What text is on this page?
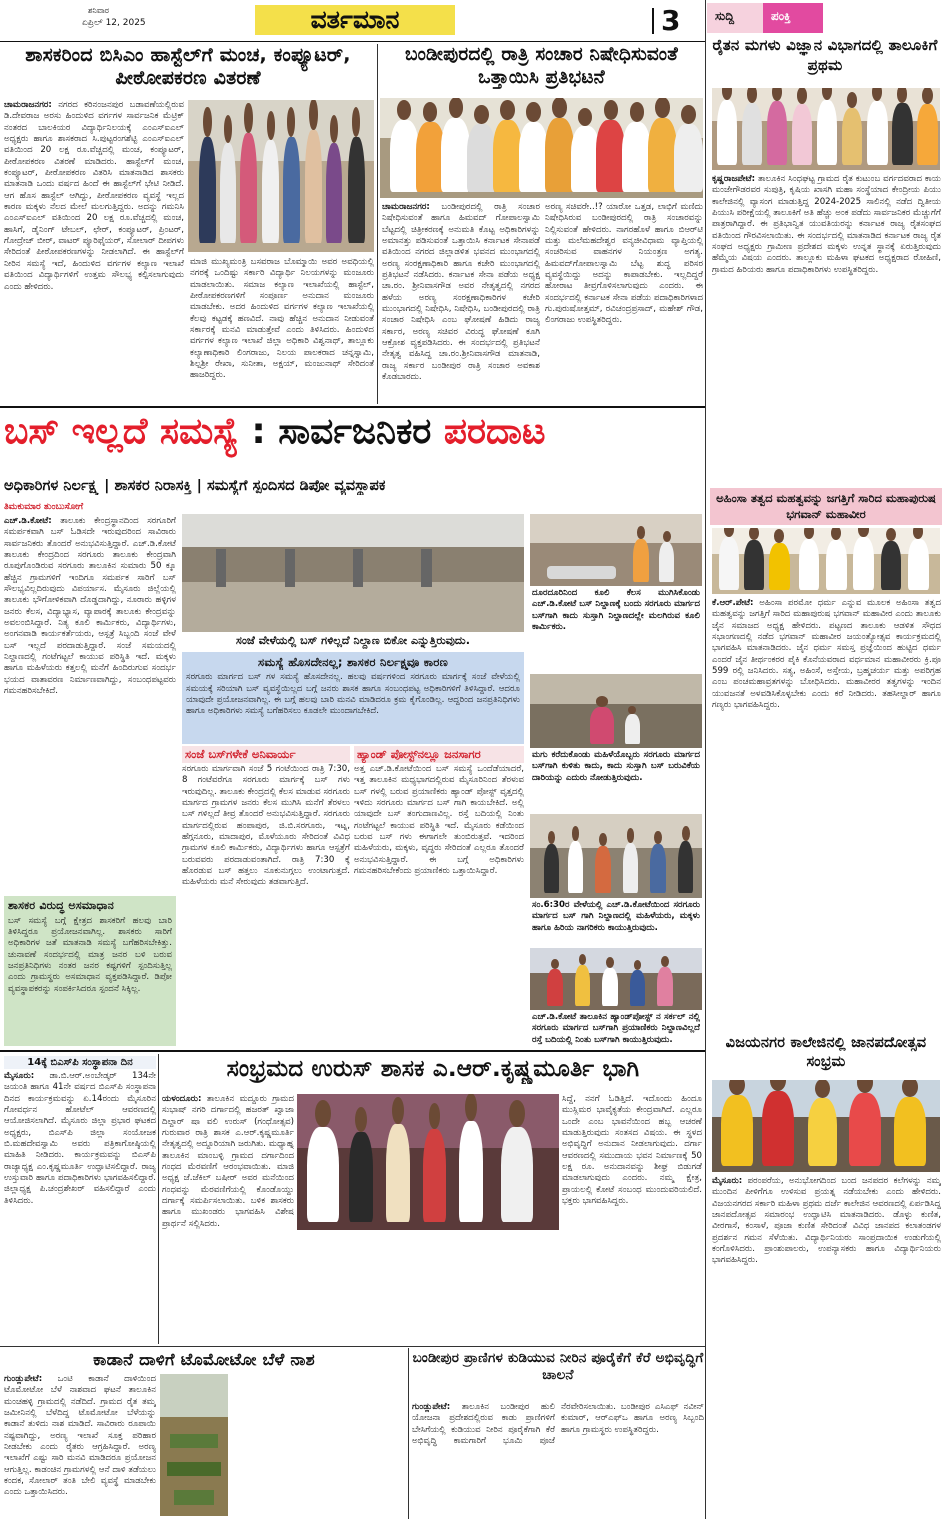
ಶನಿವಾರ
ಏಪ್ರಿಲ್ 12, 2025	ವರ್ತಮಾನ	3	ಸುದ್ದಿ	ಪಂಕ್ತಿ
ಶಾಸಕರಿಂದ ಬಿಸಿಎಂ ಹಾಸ್ಟೆಲ್‌ಗೆ ಮಂಚ, ಕಂಪ್ಯೂಟರ್, ಪೀಠೋಪಕರಣ ವಿತರಣೆ
ಚಾಮರಾಜನಗರ: ನಗರದ ಕರಿನಂಜನಪುರ ಬಡಾವಣೆಯಲ್ಲಿರುವ ಡಿ.ದೇವರಾಜ ಅರಸು ಹಿಂದುಳಿದ ವರ್ಗಗಳ ಸಾರ್ವಜನಿಕ ಮೆಟ್ರಿಕ್ ನಂತರದ ಬಾಲಕಿಯರ ವಿದ್ಯಾರ್ಥಿನಿಲಯಕ್ಕೆ ಎಂಎಸ್ಐಎಲ್ ಅಧ್ಯಕ್ಷರು ಹಾಗೂ ಶಾಸಕರಾದ ಸಿ.ಪುಟ್ಟರಂಗಶೆಟ್ಟಿ ಎಂಎಸ್ಐಎಲ್ ವತಿಯಿಂದ 20 ಲಕ್ಷ ರೂ.ವೆಚ್ಚದಲ್ಲಿ ಮಂಚ, ಕಂಪ್ಯೂಟರ್, ಪೀಠೋಪಕರಣ ವಿತರಣೆ ಮಾಡಿದರು. ಹಾಸ್ಟೆಲ್‌ಗೆ ಮಂಚ, ಕಂಪ್ಯೂಟರ್, ಪೀಠೋಪಕರಣ ವಿತರಿಸಿ ಮಾತನಾಡಿದ ಶಾಸಕರು ಮಾತನಾಡಿ ಒಂದು ವರ್ಷದ ಹಿಂದೆ ಈ ಹಾಸ್ಟೆಲ್‌ಗೆ ಭೇಟಿ ನೀಡಿದೆ. ಆಗ ಹೊಸ ಹಾಸ್ಟೆಲ್ ಆಗಿದ್ದು, ಪೀಠೋಪಕರಣ ವ್ಯವಸ್ಥೆ ಇಲ್ಲದ ಕಾರಣ ಮಕ್ಕಳು ನೆಲದ ಮೇಲೆ ಮಲಗುತ್ತಿದ್ದರು. ಅದನ್ನು ಗಮನಿಸಿ ಎಂಎಸ್ಐಎಲ್ ವತಿಯಿಂದ 20 ಲಕ್ಷ ರೂ.ವೆಚ್ಚದಲ್ಲಿ ಮಂಚ, ಹಾಸಿಗೆ, ಡೈನಿಂಗ್ ಟೇಬಲ್, ಛೇರ್, ಕಂಪ್ಯೂಟರ್, ಪ್ರಿಂಟರ್, ಗೋದ್ರೇಜ್ ಬೀರ್, ವಾಟರ್ ಪ್ಯೂರಿಫೈಯರ್, ಸೋಲಾರ್ ದೀಪಗಳು ಸೇರಿದಂತೆ ಪೀಠೋಪಕರಣಗಳನ್ನು ನೀಡಲಾಗಿದೆ. ಈ ಹಾಸ್ಟೆಲ್‌ಗೆ ನೀರಿನ ಸಮಸ್ಯೆ ಇದೆ, ಹಿಂದುಳಿದ ವರ್ಗಗಳ ಕಲ್ಯಾಣ ಇಲಾಖೆ ವತಿಯಿಂದ ವಿದ್ಯಾರ್ಥಿಗಳಿಗೆ ಉತ್ತಮ ಸೌಲಭ್ಯ ಕಲ್ಪಿಸಲಾಗುವುದು ಎಂದು ಹೇಳಿದರು.
ಮಾಜಿ ಮುಖ್ಯಮಂತ್ರಿ ಬಸವರಾಜ ಬೊಮ್ಮಾಯಿ ಅವರ ಅವಧಿಯಲ್ಲಿ ನಗರಕ್ಕೆ ಒಂದಿಷ್ಟು ಸರ್ಕಾರಿ ವಿದ್ಯಾರ್ಥಿ ನಿಲಯಗಳನ್ನು ಮಂಜೂರು ಮಾಡಲಾಯಿತು. ಸಮಾಜ ಕಲ್ಯಾಣ ಇಲಾಖೆಯಲ್ಲಿ ಹಾಸ್ಟೆಲ್, ಪೀಠೋಪಕರಣಗಳಿಗೆ ಸಂಪೂರ್ಣ ಅನುದಾನ ಮಂಜೂರು ಮಾಡಬೇಕು. ಅದರ ಹಿಂದುಳಿದ ವರ್ಗಗಳ ಕಲ್ಯಾಣ ಇಲಾಖೆಯಲ್ಲಿ ಕೆಲವು ಕಟ್ಟಡಕ್ಕೆ ಹಣವಿದೆ. ನಾವು ಹೆಚ್ಚಿನ ಅನುದಾನ ನೀಡುವಂತೆ ಸರ್ಕಾರಕ್ಕೆ ಮನವಿ ಮಾಡುತ್ತೇವೆ ಎಂದು ತಿಳಿಸಿದರು. ಹಿಂದುಳಿದ ವರ್ಗಗಳ ಕಲ್ಯಾಣ ಇಲಾಖೆ ಜಿಲ್ಲಾ ಅಧಿಕಾರಿ ವಿಶ್ವನಾಥ್, ತಾಲ್ಲೂಕು ಕಲ್ಯಾಣಾಧಿಕಾರಿ ಲಿಂಗರಾಜು, ನಿಲಯ ಪಾಲಕರಾದ ಚನ್ನಸ್ವಾಮಿ, ಶಿಲ್ಪಶ್ರೀ ರೇಖಾ, ಸುನೀತಾ, ಅಕ್ಷಯ್, ಮಂಜುನಾಥ್ ಸೇರಿದಂತೆ ಹಾಜರಿದ್ದರು.
ಬಂಡೀಪುರದಲ್ಲಿ ರಾತ್ರಿ ಸಂಚಾರ ನಿಷೇಧಿಸುವಂತೆ ಒತ್ತಾಯಿಸಿ ಪ್ರತಿಭಟನೆ
ಚಾಮರಾಜನಗರ: ಬಂಡೀಪುರದಲ್ಲಿ ರಾತ್ರಿ ಸಂಚಾರ ನಿಷೇಧಿಸುವಂತೆ ಹಾಗೂ ಹಿಮವದ್ ಗೋಪಾಲಸ್ವಾಮಿ ಬೆಟ್ಟದಲ್ಲಿ ಚಿತ್ರೀಕರಣಕ್ಕೆ ಅನುಮತಿ ಕೊಟ್ಟ ಅಧಿಕಾರಿಗಳನ್ನು ಅಮಾನತ್ತು ಪಡಿಸುವಂತೆ ಒತ್ತಾಯಿಸಿ ಕರ್ನಾಟಕ ಸೇನಾಪಡೆ ವತಿಯಿಂದ ನಗರದ ಜಿಲ್ಲಾಡಳಿತ ಭವನದ ಮುಂಭಾಗದಲ್ಲಿ ಅರಣ್ಯ ಸಂರಕ್ಷಣಾಧಿಕಾರಿ ಹಾಗೂ ಕಚೇರಿ ಮುಂಭಾಗದಲ್ಲಿ ಪ್ರತಿಭಟನೆ ನಡೆಸಿದರು. ಕರ್ನಾಟಕ ಸೇನಾ ಪಡೆಯ ಅಧ್ಯಕ್ಷ ಚಾ.ರಂ. ಶ್ರೀನಿವಾಸಗೌಡ ಅವರ ನೇತೃತ್ವದಲ್ಲಿ ನಗರದ ಹಳೆಯ ಅರಣ್ಯ ಸಂರಕ್ಷಣಾಧಿಕಾರಿಗಳ ಕಚೇರಿ ಮುಂಭಾಗದಲ್ಲಿ ನಿಷೇಧಿಸಿ, ನಿಷೇಧಿಸಿ, ಬಂಡೀಪುರದಲ್ಲಿ ರಾತ್ರಿ ಸಂಚಾರ ನಿಷೇಧಿಸಿ ಎಂಬ ಘೋಷಣೆ ಹಿಡಿದು ರಾಜ್ಯ ಸರ್ಕಾರ, ಅರಣ್ಯ ಸಚಿವರ ವಿರುದ್ಧ ಘೋಷಣೆ ಕೂಗಿ ಆಕ್ರೋಶ ವ್ಯಕ್ತಪಡಿಸಿದರು. ಈ ಸಂದರ್ಭದಲ್ಲಿ ಪ್ರತಿಭಟನೆ ನೇತೃತ್ವ ವಹಿಸಿದ್ದ ಚಾ.ರಂ.ಶ್ರೀನಿವಾಸಗೌಡ ಮಾತನಾಡಿ, ರಾಜ್ಯ ಸರ್ಕಾರ ಬಂಡೀಪುರ ರಾತ್ರಿ ಸಂಚಾರ ಅವಕಾಶ ಕೊಡಬಾರದು.
ಅರಣ್ಯ ಸಚಿವರೇ..!? ಯಾರೋ ಒತ್ತಡ, ಲಾಭಿಗೆ ಮಣಿದು ನಿಷೇಧಿಸಿರುವ ಬಂಡೀಪುರದಲ್ಲಿ ರಾತ್ರಿ ಸಂಚಾರವನ್ನು ನಿಲ್ಲಿಸುವಂತೆ ಹೇಳಿದರು. ನಾಗರಹೊಳೆ ಹಾಗೂ ಬಿಆರ್‌ಟಿ ಮತ್ತು ಮಲೆಮಹದೇಶ್ವರ ವನ್ಯಜೀವಿಧಾಮ ವ್ಯಾಪ್ತಿಯಲ್ಲಿ ಸಂಚರಿಸುವ ವಾಹನಗಳ ನಿಯಂತ್ರಣ ಅಗತ್ಯ. ಹಿಮವದ್‌ಗೋಪಾಲಸ್ವಾಮಿ ಬೆಟ್ಟ ಶುದ್ಧ ಪರಿಸರ ವ್ಯವಸ್ಥೆಯಿದ್ದು ಅದನ್ನು ಕಾಪಾಡಬೇಕು. ಇಲ್ಲದಿದ್ದರೆ ಹೋರಾಟ ತೀವ್ರಗೊಳಿಸಲಾಗುವುದು ಎಂದರು. ಈ ಸಂದರ್ಭದಲ್ಲಿ ಕರ್ನಾಟಕ ಸೇನಾ ಪಡೆಯ ಪದಾಧಿಕಾರಿಗಳಾದ ಗು.ಪುರುಷೋತ್ತಮ್, ರವಿಚಂದ್ರಪ್ರಸಾದ್, ಮಹೇಶ್ ಗೌಡ, ಲಿಂಗರಾಜು ಉಪಸ್ಥಿತರಿದ್ದರು.
ರೈತನ ಮಗಳು ವಿಜ್ಞಾನ ವಿಭಾಗದಲ್ಲಿ ತಾಲೂಕಿಗೆ ಪ್ರಥಮ
ಕೃಷ್ಣರಾಜಪೇಟೆ: ತಾಲೂಕಿನ ಸಿಂಧಘಟ್ಟ ಗ್ರಾಮದ ರೈತ ಕುಟುಂಬ ವರ್ಗದವರಾದ ಕಾಯ ಮಂಜೇಗೌಡರವರ ಸುಪುತ್ರಿ, ಕೃಷಿಯ ಖಾಸಗಿ ಮಹಾ ಸಂಸ್ಥೆಯಾದ ಕೇಂದ್ರೀಯ ಪಿಯು ಕಾಲೇಜಿನಲ್ಲಿ ವ್ಯಾಸಂಗ ಮಾಡುತ್ತಿದ್ದ 2024-2025 ಸಾಲಿನಲ್ಲಿ ನಡೆದ ದ್ವಿತೀಯ ಪಿಯುಸಿ ಪರೀಕ್ಷೆಯಲ್ಲಿ ತಾಲೂಕಿಗೆ ಅತಿ ಹೆಚ್ಚು ಅಂಕ ಪಡೆದು ಸಾರ್ವಜನಿಕರ ಮೆಚ್ಚುಗೆಗೆ ಪಾತ್ರರಾಗಿದ್ದಾರೆ. ಈ ಪ್ರತಿಭಾನ್ವಿತ ಯುವತಿಯರನ್ನು ಕರ್ನಾಟಕ ರಾಜ್ಯ ರೈತಸಂಘದ ವತಿಯಿಂದ ಗೌರವಿಸಲಾಯಿತು. ಈ ಸಂದರ್ಭದಲ್ಲಿ ಮಾತನಾಡಿದ ಕರ್ನಾಟಕ ರಾಜ್ಯ ರೈತ ಸಂಘದ ಅಧ್ಯಕ್ಷರು ಗ್ರಾಮೀಣ ಪ್ರದೇಶದ ಮಕ್ಕಳು ಉನ್ನತ ಸ್ಥಾನಕ್ಕೆ ಏರುತ್ತಿರುವುದು ಹೆಮ್ಮೆಯ ವಿಷಯ ಎಂದರು. ತಾಲ್ಲೂಕು ಮಹಿಳಾ ಘಟಕದ ಅಧ್ಯಕ್ಷರಾದ ರೋಹಿಣಿ, ಗ್ರಾಮದ ಹಿರಿಯರು ಹಾಗೂ ಪದಾಧಿಕಾರಿಗಳು ಉಪಸ್ಥಿತರಿದ್ದರು.
ಅಹಿಂಸಾ ತತ್ವದ ಮಹತ್ವವನ್ನು ಜಗತ್ತಿಗೆ ಸಾರಿದ ಮಹಾಪುರುಷ ಭಗವಾನ್ ಮಹಾವೀರ
ಕೆ.ಆರ್.ಪೇಟೆ: ಅಹಿಂಸಾ ಪರಮೋ ಧರ್ಮ ಎನ್ನುವ ಮೂಲಕ ಅಹಿಂಸಾ ತತ್ವದ ಮಹತ್ವವನ್ನು ಜಗತ್ತಿಗೆ ಸಾರಿದ ಮಹಾಪುರುಷ ಭಗವಾನ್ ಮಹಾವೀರ ಎಂದು ತಾಲೂಕು ಜೈನ ಸಮಾಜದ ಅಧ್ಯಕ್ಷ ಹೇಳಿದರು. ಪಟ್ಟಣದ ತಾಲೂಕು ಆಡಳಿತ ಸೌಧದ ಸಭಾಂಗಣದಲ್ಲಿ ನಡೆದ ಭಗವಾನ್ ಮಹಾವೀರ ಜಯಂತ್ಯೋತ್ಸವ ಕಾರ್ಯಕ್ರಮದಲ್ಲಿ ಭಾಗವಹಿಸಿ ಮಾತನಾಡಿದರು. ಜೈನ ಧರ್ಮ ಸಮಸ್ತ ಪ್ರಜ್ಞೆಯಿಂದ ಹುಟ್ಟಿದ ಧರ್ಮ ಎಂದರೆ ಜೈನ ತೀರ್ಥಂಕರರ ಪೈಕಿ ಕೊನೆಯವರಾದ ವರ್ಧಮಾನ ಮಹಾವೀರರು ಕ್ರಿ.ಪೂ 599 ರಲ್ಲಿ ಜನಿಸಿದರು. ಸತ್ಯ, ಅಹಿಂಸೆ, ಅಸ್ತೇಯ, ಬ್ರಹ್ಮಚರ್ಯ ಮತ್ತು ಅಪರಿಗ್ರಹ ಎಂಬ ಪಂಚಮಹಾವ್ರತಗಳನ್ನು ಬೋಧಿಸಿದರು. ಮಹಾವೀರರ ತತ್ವಗಳನ್ನು ಇಂದಿನ ಯುವಜನತೆ ಅಳವಡಿಸಿಕೊಳ್ಳಬೇಕು ಎಂದು ಕರೆ ನೀಡಿದರು. ತಹಸೀಲ್ದಾರ್ ಹಾಗೂ ಗಣ್ಯರು ಭಾಗವಹಿಸಿದ್ದರು.
ವಿಜಯನಗರ ಕಾಲೇಜಿನಲ್ಲಿ ಜಾನಪದೋತ್ಸವ ಸಂಭ್ರಮ
ಮೈಸೂರು: ಪರಂಪರೆಯ, ಅನುಭೋಗದಿಂದ ಬಂದ ಜನಪದರ ಕಲೆಗಳನ್ನು ನಮ್ಮ ಮುಂದಿನ ಪೀಳಿಗೆಗೂ ಉಳಿಸುವ ಪ್ರಯತ್ನ ನಡೆಯಬೇಕು ಎಂದು ಹೇಳಿದರು. ವಿಜಯನಗರದ ಸರ್ಕಾರಿ ಮಹಿಳಾ ಪ್ರಥಮ ದರ್ಜೆ ಕಾಲೇಜಿನ ಆವರಣದಲ್ಲಿ ಏರ್ಪಡಿಸಿದ್ದ ಜಾನಪದೋತ್ಸವ ಸಮಾರಂಭ ಉದ್ಘಾಟಿಸಿ ಮಾತನಾಡಿದರು. ಡೊಳ್ಳು ಕುಣಿತ, ವೀರಗಾಸೆ, ಕಂಸಾಳೆ, ಪೂಜಾ ಕುಣಿತ ಸೇರಿದಂತೆ ವಿವಿಧ ಜಾನಪದ ಕಲಾತಂಡಗಳ ಪ್ರದರ್ಶನ ಗಮನ ಸೆಳೆಯಿತು. ವಿದ್ಯಾರ್ಥಿನಿಯರು ಸಾಂಪ್ರದಾಯಿಕ ಉಡುಗೆಯಲ್ಲಿ ಕಂಗೊಳಿಸಿದರು. ಪ್ರಾಂಶುಪಾಲರು, ಉಪನ್ಯಾಸಕರು ಹಾಗೂ ವಿದ್ಯಾರ್ಥಿನಿಯರು ಭಾಗವಹಿಸಿದ್ದರು.
ಬಸ್ ಇಲ್ಲದೆ ಸಮಸ್ಯೆ : ಸಾರ್ವಜನಿಕರ ಪರದಾಟ
ಅಧಿಕಾರಿಗಳ ನಿರ್ಲಕ್ಷ್ಯ | ಶಾಸಕರ ನಿರಾಸಕ್ತಿ | ಸಮಸ್ಯೆಗೆ ಸ್ಪಂದಿಸದ ಡಿಪೋ ವ್ಯವಸ್ಥಾಪಕ
ತಿಮಕುಮಾರ ತುಂಬುಸೋಗೆ
ಎಚ್.ಡಿ.ಕೋಟೆ: ತಾಲೂಕು ಕೇಂದ್ರಸ್ಥಾನದಿಂದ ಸರಗೂರಿಗೆ ಸಮರ್ಪಕವಾಗಿ ಬಸ್ ಓಡಿಸದೇ ಇರುವುದರಿಂದ ಸಾವಿರಾರು ಸಾರ್ವಜನಿಕರು ತೊಂದರೆ ಅನುಭವಿಸುತ್ತಿದ್ದಾರೆ. ಎಚ್.ಡಿ.ಕೋಟೆ ತಾಲೂಕು ಕೇಂದ್ರದಿಂದ ಸರಗೂರು ತಾಲೂಕು ಕೇಂದ್ರವಾಗಿ ರೂಪುಗೊಂಡಿರುವ ಸರಗೂರು ತಾಲೂಕಿನ ಸುಮಾರು 50 ಕ್ಕೂ ಹೆಚ್ಚಿನ ಗ್ರಾಮಗಳಿಗೆ ಇಂದಿಗೂ ಸಮರ್ಪಕ ಸಾರಿಗೆ ಬಸ್ ಸೌಲಭ್ಯವಿಲ್ಲದಿರುವುದು ವಿಪರ್ಯಾಸ. ಮೈಸೂರು ಜಿಲ್ಲೆಯಲ್ಲಿ ತಾಲೂಕು ಭೌಗೋಳಿಕವಾಗಿ ದೊಡ್ಡದಾಗಿದ್ದು, ನೂರಾರು ಹಳ್ಳಿಗಳ ಜನರು ಕೆಲಸ, ವಿದ್ಯಾಭ್ಯಾಸ, ವ್ಯಾಪಾರಕ್ಕೆ ತಾಲೂಕು ಕೇಂದ್ರವನ್ನು ಅವಲಂಬಿಸಿದ್ದಾರೆ. ನಿತ್ಯ ಕೂಲಿ ಕಾರ್ಮಿಕರು, ವಿದ್ಯಾರ್ಥಿಗಳು, ಅಂಗನವಾಡಿ ಕಾರ್ಯಕರ್ತೆಯರು, ಆಸ್ಪತ್ರೆ ಸಿಬ್ಬಂದಿ ಸಂಜೆ ವೇಳೆ ಬಸ್ ಇಲ್ಲದೆ ಪರದಾಡುತ್ತಿದ್ದಾರೆ. ಸಂಜೆ ಸಮಯದಲ್ಲಿ ನಿಲ್ದಾಣದಲ್ಲಿ ಗಂಟೆಗಟ್ಟಲೆ ಕಾಯುವ ಪರಿಸ್ಥಿತಿ ಇದೆ. ಮಕ್ಕಳು ಹಾಗೂ ಮಹಿಳೆಯರು ಕತ್ತಲಲ್ಲಿ ಮನೆಗೆ ಹಿಂದಿರುಗುವ ಸಂದರ್ಭ ಭಯದ ವಾತಾವರಣ ನಿರ್ಮಾಣವಾಗಿದ್ದು, ಸಂಬಂಧಪಟ್ಟವರು ಗಮನಹರಿಸಬೇಕಿದೆ.
ಸಂಜೆ ವೇಳೆಯಲ್ಲಿ ಬಸ್ ಗಳಿಲ್ಲದೆ ನಿಲ್ದಾಣ ಬಿಕೋ ಎನ್ನುತ್ತಿರುವುದು.
ಸಮಸ್ಯೆ ಹೊಸದೇನಲ್ಲ; ಶಾಸಕರ ನಿರ್ಲಕ್ಷ್ಯವೂ ಕಾರಣ
ಸರಗೂರು ಮಾರ್ಗದ ಬಸ್ ಗಳ ಸಮಸ್ಯೆ ಹೊಸದೇನಲ್ಲ. ಹಲವು ವರ್ಷಗಳಿಂದ ಸರಗೂರು ಮಾರ್ಗಕ್ಕೆ ಸಂಜೆ ವೇಳೆಯಲ್ಲಿ ಸಮಯಕ್ಕೆ ಸರಿಯಾಗಿ ಬಸ್ ವ್ಯವಸ್ಥೆಯಿಲ್ಲದ ಬಗ್ಗೆ ಜನರು ಶಾಸಕ ಹಾಗೂ ಸಂಬಂಧಪಟ್ಟ ಅಧಿಕಾರಿಗಳಿಗೆ ತಿಳಿಸಿದ್ದಾರೆ. ಆದರೂ ಯಾವುದೇ ಪ್ರಯೋಜನವಾಗಿಲ್ಲ. ಈ ಬಗ್ಗೆ ಹಲವು ಬಾರಿ ಮನವಿ ಮಾಡಿದರೂ ಕ್ರಮ ಕೈಗೊಂಡಿಲ್ಲ. ಆದ್ದರಿಂದ ಜನಪ್ರತಿನಿಧಿಗಳು ಹಾಗೂ ಅಧಿಕಾರಿಗಳು ಸಮಸ್ಯೆ ಬಗೆಹರಿಸಲು ಕೂಡಲೇ ಮುಂದಾಗಬೇಕಿದೆ.
ಸಂಜೆ ಬಸ್‌ಗಳೇಕೆ ಅನಿವಾರ್ಯ
ಸರಗೂರು ಮಾರ್ಗವಾಗಿ ಸಂಜೆ 5 ಗಂಟೆಯಿಂದ ರಾತ್ರಿ 7:30, 8 ಗಂಟೆವರೆಗೂ ಸರಗೂರು ಮಾರ್ಗಕ್ಕೆ ಬಸ್ ಗಳು ಇರುವುದಿಲ್ಲ. ತಾಲೂಕು ಕೇಂದ್ರದಲ್ಲಿ ಕೆಲಸ ಮಾಡುವ ಸರಗೂರು ಮಾರ್ಗದ ಗ್ರಾಮಗಳ ಜನರು ಕೆಲಸ ಮುಗಿಸಿ ಮನೆಗೆ ತೆರಳಲು ಬಸ್ ಗಳಿಲ್ಲದೆ ತೀವ್ರ ತೊಂದರೆ ಅನುಭವಿಸುತ್ತಿದ್ದಾರೆ. ಸರಗೂರು ಮಾರ್ಗದಲ್ಲಿರುವ ಹಂಪಾಪುರ, ಜಿ.ಬಿ.ಸರಗೂರು, ಇಟ್ನ, ಹೆಗ್ಗನೂರು, ಮಾದಾಪುರ, ಮೊಳೆಯೂರು ಸೇರಿದಂತೆ ವಿವಿಧ ಗ್ರಾಮಗಳ ಕೂಲಿ ಕಾರ್ಮಿಕರು, ವಿದ್ಯಾರ್ಥಿಗಳು ಹಾಗೂ ಆಸ್ಪತ್ರೆಗೆ ಬರುವವರು ಪರದಾಡುವಂತಾಗಿದೆ. ರಾತ್ರಿ 7:30 ಕ್ಕೆ ಹೊರಡುವ ಬಸ್ ಹತ್ತಲು ನೂಕುನುಗ್ಗಲು ಉಂಟಾಗುತ್ತದೆ. ಮಹಿಳೆಯರು ಮನೆ ಸೇರುವುದು ತಡವಾಗುತ್ತಿದೆ.
ಹ್ಯಾಂಡ್ ಪೋಸ್ಟ್‌ನಲ್ಲೂ ಜನಸಾಗರ
ಅತ್ತ ಎಚ್.ಡಿ.ಕೋಟೆಯಿಂದ ಬಸ್ ಸಮಸ್ಯೆ ಒಂದೆಡೆಯಾದರೆ, ಇತ್ತ ತಾಲೂಕಿನ ಮಧ್ಯಭಾಗದಲ್ಲಿರುವ ಮೈಸೂರಿನಿಂದ ತೆರಳುವ ಬಸ್ ಗಳಲ್ಲಿ ಬರುವ ಪ್ರಯಾಣಿಕರು ಹ್ಯಾಂಡ್ ಪೋಸ್ಟ್ ವೃತ್ತದಲ್ಲಿ ಇಳಿದು ಸರಗೂರು ಮಾರ್ಗದ ಬಸ್ ಗಾಗಿ ಕಾಯಬೇಕಿದೆ. ಅಲ್ಲಿ ಯಾವುದೇ ಬಸ್ ತಂಗುದಾಣವಿಲ್ಲ. ರಸ್ತೆ ಬದಿಯಲ್ಲಿ ನಿಂತು ಗಂಟೆಗಟ್ಟಲೆ ಕಾಯುವ ಪರಿಸ್ಥಿತಿ ಇದೆ. ಮೈಸೂರು ಕಡೆಯಿಂದ ಬರುವ ಬಸ್ ಗಳು ಈಗಾಗಲೇ ತುಂಬಿರುತ್ತವೆ. ಇದರಿಂದ ಮಹಿಳೆಯರು, ಮಕ್ಕಳು, ವೃದ್ಧರು ಸೇರಿದಂತೆ ಎಲ್ಲರೂ ತೊಂದರೆ ಅನುಭವಿಸುತ್ತಿದ್ದಾರೆ. ಈ ಬಗ್ಗೆ ಅಧಿಕಾರಿಗಳು ಗಮನಹರಿಸಬೇಕೆಂದು ಪ್ರಯಾಣಿಕರು ಒತ್ತಾಯಿಸಿದ್ದಾರೆ.
ಶಾಸಕರ ವಿರುದ್ಧ ಅಸಮಾಧಾನ
ಬಸ್ ಸಮಸ್ಯೆ ಬಗ್ಗೆ ಕ್ಷೇತ್ರದ ಶಾಸಕರಿಗೆ ಹಲವು ಬಾರಿ ತಿಳಿಸಿದ್ದರೂ ಪ್ರಯೋಜನವಾಗಿಲ್ಲ. ಶಾಸಕರು ಸಾರಿಗೆ ಅಧಿಕಾರಿಗಳ ಜತೆ ಮಾತನಾಡಿ ಸಮಸ್ಯೆ ಬಗೆಹರಿಸಬೇಕಿತ್ತು. ಚುನಾವಣೆ ಸಂದರ್ಭದಲ್ಲಿ ಮಾತ್ರ ಜನರ ಬಳಿ ಬರುವ ಜನಪ್ರತಿನಿಧಿಗಳು ನಂತರ ಜನರ ಕಷ್ಟಗಳಿಗೆ ಸ್ಪಂದಿಸುತ್ತಿಲ್ಲ ಎಂದು ಗ್ರಾಮಸ್ಥರು ಅಸಮಾಧಾನ ವ್ಯಕ್ತಪಡಿಸಿದ್ದಾರೆ. ಡಿಪೋ ವ್ಯವಸ್ಥಾಪಕರನ್ನು ಸಂಪರ್ಕಿಸಿದರೂ ಸ್ಪಂದನೆ ಸಿಕ್ಕಿಲ್ಲ.
ದೂರದೂರಿನಿಂದ ಕೂಲಿ ಕೆಲಸ ಮುಗಿಸಿಕೊಂಡು ಎಚ್.ಡಿ.ಕೋಟೆ ಬಸ್ ನಿಲ್ದಾಣಕ್ಕೆ ಬಂದು ಸರಗೂರು ಮಾರ್ಗದ ಬಸ್‌ಗಾಗಿ ಕಾದು ಸುಸ್ತಾಗಿ ನಿಲ್ದಾಣದಲ್ಲೇ ಮಲಗಿರುವ ಕೂಲಿ ಕಾರ್ಮಿಕರು.
ಮಗು ಕರೆದುಕೊಂಡು ಮಹಿಳೆಯೊಬ್ಬರು ಸರಗೂರು ಮಾರ್ಗದ ಬಸ್‌ಗಾಗಿ ಕುಳಿತು ಕಾದು, ಕಾದು ಸುಸ್ತಾಗಿ ಬಸ್ ಬರುವಿಕೆಯ ದಾರಿಯನ್ನು ಎದುರು ನೋಡುತ್ತಿರುವುದು.
ಸಂ.6:30ರ ವೇಳೆಯಲ್ಲಿ ಎಚ್.ಡಿ.ಕೋಟೆಯಿಂದ ಸರಗೂರು ಮಾರ್ಗದ ಬಸ್ ಗಾಗಿ ನಿಲ್ದಾಣದಲ್ಲಿ ಮಹಿಳೆಯರು, ಮಕ್ಕಳು ಹಾಗೂ ಹಿರಿಯ ನಾಗರಿಕರು ಕಾಯುತ್ತಿರುವುದು.
ಎಚ್.ಡಿ.ಕೋಟೆ ತಾಲೂಕಿನ ಹ್ಯಾಂಡ್‌ಪೋಸ್ಟ್ ನ ಸರ್ಕಲ್ ನಲ್ಲಿ ಸರಗೂರು ಮಾರ್ಗದ ಬಸ್‌ಗಾಗಿ ಪ್ರಯಾಣಿಕರು ನಿಲ್ದಾಣವಿಲ್ಲದೆ ರಸ್ತೆ ಬದಿಯಲ್ಲಿ ನಿಂತು ಬಸ್‌ಗಾಗಿ ಕಾಯುತ್ತಿರುವುದು.
14ಕ್ಕೆ ಬಿಎಸ್‌ಪಿ ಸಂಸ್ಥಾಪನಾ ದಿನ
ಮೈಸೂರು: ಡಾ.ಬಿ.ಆರ್.ಅಂಬೇಡ್ಕರ್ 134ನೇ ಜಯಂತಿ ಹಾಗೂ 41ನೇ ವರ್ಷದ ಬಿಎಸ್‌ಪಿ ಸಂಸ್ಥಾಪನಾ ದಿನದ ಕಾರ್ಯಕ್ರಮವನ್ನು ಏ.14ರಂದು ಮೈಸೂರಿನ ಗೋವರ್ಧನ ಹೋಟೆಲ್ ಆವರಣದಲ್ಲಿ ಆಯೋಜಿಸಲಾಗಿದೆ. ಮೈಸೂರು ಜಿಲ್ಲಾ ಪ್ರಭಾರ ಘಟಕದ ಅಧ್ಯಕ್ಷರು, ಬಿಎಸ್‌ಪಿ ಜಿಲ್ಲಾ ಸಂಯೋಜಕ ಬಿ.ಮಹದೇವಸ್ವಾಮಿ ಅವರು ಪತ್ರಿಕಾಗೋಷ್ಠಿಯಲ್ಲಿ ಮಾಹಿತಿ ನೀಡಿದರು. ಕಾರ್ಯಕ್ರಮವನ್ನು ಬಿಎಸ್‌ಪಿ ರಾಜ್ಯಾಧ್ಯಕ್ಷ ಎಂ.ಕೃಷ್ಣಮೂರ್ತಿ ಉದ್ಘಾಟಿಸಲಿದ್ದಾರೆ. ರಾಜ್ಯ ಉಸ್ತುವಾರಿ ಹಾಗೂ ಪದಾಧಿಕಾರಿಗಳು ಭಾಗವಹಿಸಲಿದ್ದಾರೆ. ಜಿಲ್ಲಾಧ್ಯಕ್ಷ ಪಿ.ಚಂದ್ರಶೇಖರ್ ವಹಿಸಲಿದ್ದಾರೆ ಎಂದು ತಿಳಿಸಿದರು.
ಸಂಭ್ರಮದ ಉರುಸ್ ಶಾಸಕ ಎ.ಆರ್.ಕೃಷ್ಣಮೂರ್ತಿ ಭಾಗಿ
ಯಳಂದೂರು: ತಾಲೂಕಿನ ಮದ್ದೂರು ಗ್ರಾಮದ ಸುಭಾಷ್ ನಗರಿ ದರ್ಗಾದಲ್ಲಿ ಹಜರತ್ ಖ್ವಾಜಾ ದಿಲ್ದಾರ್ ಷಾ ವಲಿ ಉರುಸ್ (ಗಂಧೋತ್ಸವ) ಗುರುವಾರ ರಾತ್ರಿ ಶಾಸಕ ಎ.ಆರ್.ಕೃಷ್ಣಮೂರ್ತಿ ನೇತೃತ್ವದಲ್ಲಿ ಅದ್ದೂರಿಯಾಗಿ ಜರುಗಿತು. ಮಧ್ಯಾಹ್ನ ತಾಲೂಕಿನ ಮಾಂಬಳ್ಳಿ ಗ್ರಾಮದ ದರ್ಗಾದಿಂದ ಗಂಧದ ಮೆರವಣಿಗೆ ಆರಂಭವಾಯಿತು. ಮಾಜಿ ಅಧ್ಯಕ್ಷ ಜೆ.ಜೆಕಿಲ್ ಬಷೀರ್ ಅವರ ಮನೆಯಿಂದ ಗಂಧವನ್ನು ಮೆರವಣಿಗೆಯಲ್ಲಿ ಕೊಂಡೊಯ್ದು ದರ್ಗಾಕ್ಕೆ ಸಮರ್ಪಿಸಲಾಯಿತು. ಬಳಿಕ ಶಾಸಕರು ಹಾಗೂ ಮುಖಂಡರು ಭಾಗವಹಿಸಿ ವಿಶೇಷ ಪ್ರಾರ್ಥನೆ ಸಲ್ಲಿಸಿದರು.
ಸಿದ್ದೆ, ನನಗೆ ಓಡಿತ್ತಿದೆ. ಇದೊಂದು ಹಿಂದೂ ಮುಸ್ಲಿಮರ ಭಾವೈಕ್ಯತೆಯ ಕೇಂದ್ರವಾಗಿದೆ. ಎಲ್ಲರೂ ಒಂದೇ ಎಂಬ ಭಾವನೆಯಿಂದ ಹಬ್ಬ ಆಚರಣೆ ಮಾಡುತ್ತಿರುವುದು ಸಂತಸದ ವಿಷಯ. ಈ ಸ್ಥಳದ ಅಭಿವೃದ್ಧಿಗೆ ಅನುದಾನ ನೀಡಲಾಗುವುದು. ದರ್ಗಾ ಆವರಣದಲ್ಲಿ ಸಮುದಾಯ ಭವನ ನಿರ್ಮಾಣಕ್ಕೆ 50 ಲಕ್ಷ ರೂ. ಅನುದಾನವನ್ನು ಶೀಘ್ರ ಬಿಡುಗಡೆ ಮಾಡಲಾಗುವುದು ಎಂದರು. ನಮ್ಮ ಕ್ಷೇತ್ರ, ಪ್ರಾಯಲಲ್ಲಿ ಕೋಟೆ ಸಂಬಂಧ ಮುಂದುವರಿಯಲಿದೆ. ಭಕ್ತರು ಭಾಗವಹಿಸಿದ್ದರು.
ಕಾಡಾನೆ ದಾಳಿಗೆ ಟೊಮೋಟೋ ಬೆಳೆ ನಾಶ
ಗುಂಡ್ಲುಪೇಟೆ: ಒಂಟಿ ಕಾಡಾನೆ ದಾಳಿಯಿಂದ ಟೊಮೋಟೋ ಬೆಳೆ ನಾಶವಾದ ಘಟನೆ ತಾಲೂಕಿನ ಮಂಚಹಳ್ಳಿ ಗ್ರಾಮದಲ್ಲಿ ನಡೆದಿದೆ. ಗ್ರಾಮದ ರೈತ ತಮ್ಮ ಜಮೀನಿನಲ್ಲಿ ಬೆಳೆದಿದ್ದ ಟೊಮೋಟೋ ಬೆಳೆಯನ್ನು ಕಾಡಾನೆ ತುಳಿದು ನಾಶ ಮಾಡಿದೆ. ಸಾವಿರಾರು ರೂಪಾಯಿ ನಷ್ಟವಾಗಿದ್ದು, ಅರಣ್ಯ ಇಲಾಖೆ ಸೂಕ್ತ ಪರಿಹಾರ ನೀಡಬೇಕು ಎಂದು ರೈತರು ಆಗ್ರಹಿಸಿದ್ದಾರೆ. ಅರಣ್ಯ ಇಲಾಖೆಗೆ ಎಷ್ಟು ಸಾರಿ ಮನವಿ ಮಾಡಿದರೂ ಪ್ರಯೋಜನ ಆಗುತ್ತಿಲ್ಲ. ಕಾಡಂಚಿನ ಗ್ರಾಮಗಳಲ್ಲಿ ಆನೆ ದಾಳಿ ತಡೆಯಲು ಕಂದಕ, ಸೋಲಾರ್ ತಂತಿ ಬೇಲಿ ವ್ಯವಸ್ಥೆ ಮಾಡಬೇಕು ಎಂದು ಒತ್ತಾಯಿಸಿದರು.
ಬಂಡೀಪುರ ಪ್ರಾಣಿಗಳ ಕುಡಿಯುವ ನೀರಿನ ಪೂರೈಕೆಗೆ ಕೆರೆ ಅಭಿವೃದ್ಧಿಗೆ ಚಾಲನೆ
ಗುಂಡ್ಲುಪೇಟೆ: ತಾಲೂಕಿನ ಬಂಡೀಪುರ ಹುಲಿ ಯೋಜನಾ ಪ್ರದೇಶದಲ್ಲಿರುವ ಕಾಡು ಪ್ರಾಣಿಗಳಿಗೆ ಬೇಸಿಗೆಯಲ್ಲಿ ಕುಡಿಯುವ ನೀರಿನ ಪೂರೈಕೆಗಾಗಿ ಕೆರೆ ಅಭಿವೃದ್ಧಿ ಕಾಮಗಾರಿಗೆ ಭೂಮಿ ಪೂಜೆ ನೆರವೇರಿಸಲಾಯಿತು. ಬಂಡೀಪುರ ಎಸಿಎಫ್ ನವೀನ್ ಕುಮಾರ್, ಆರ್‌ಎಫ್‌ಒ ಹಾಗೂ ಅರಣ್ಯ ಸಿಬ್ಬಂದಿ ಹಾಗೂ ಗ್ರಾಮಸ್ಥರು ಉಪಸ್ಥಿತರಿದ್ದರು.
